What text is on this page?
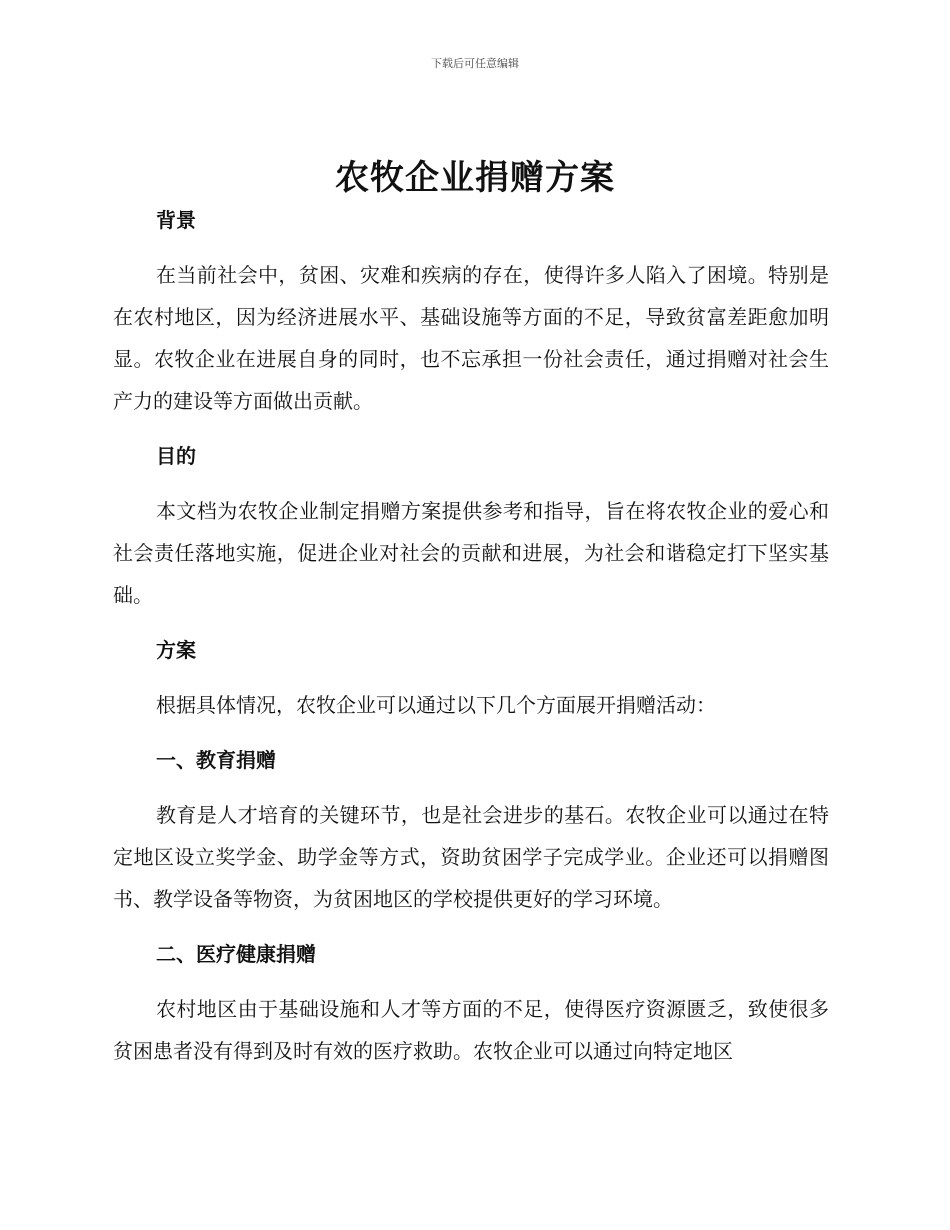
下载后可任意编辑
农牧企业捐赠方案
背景

在当前社会中，贫困、灾难和疾病的存在，使得许多人陷入了困境。特别是在农村地区，因为经济进展水平、基础设施等方面的不足，导致贫富差距愈加明显。农牧企业在进展自身的同时，也不忘承担一份社会责任，通过捐赠对社会生产力的建设等方面做出贡献。

目的

本文档为农牧企业制定捐赠方案提供参考和指导，旨在将农牧企业的爱心和社会责任落地实施，促进企业对社会的贡献和进展，为社会和谐稳定打下坚实基础。

方案

根据具体情况，农牧企业可以通过以下几个方面展开捐赠活动：

一、教育捐赠

教育是人才培育的关键环节，也是社会进步的基石。农牧企业可以通过在特定地区设立奖学金、助学金等方式，资助贫困学子完成学业。企业还可以捐赠图书、教学设备等物资，为贫困地区的学校提供更好的学习环境。

二、医疗健康捐赠

农村地区由于基础设施和人才等方面的不足，使得医疗资源匮乏，致使很多贫困患者没有得到及时有效的医疗救助。农牧企业可以通过向特定地区
